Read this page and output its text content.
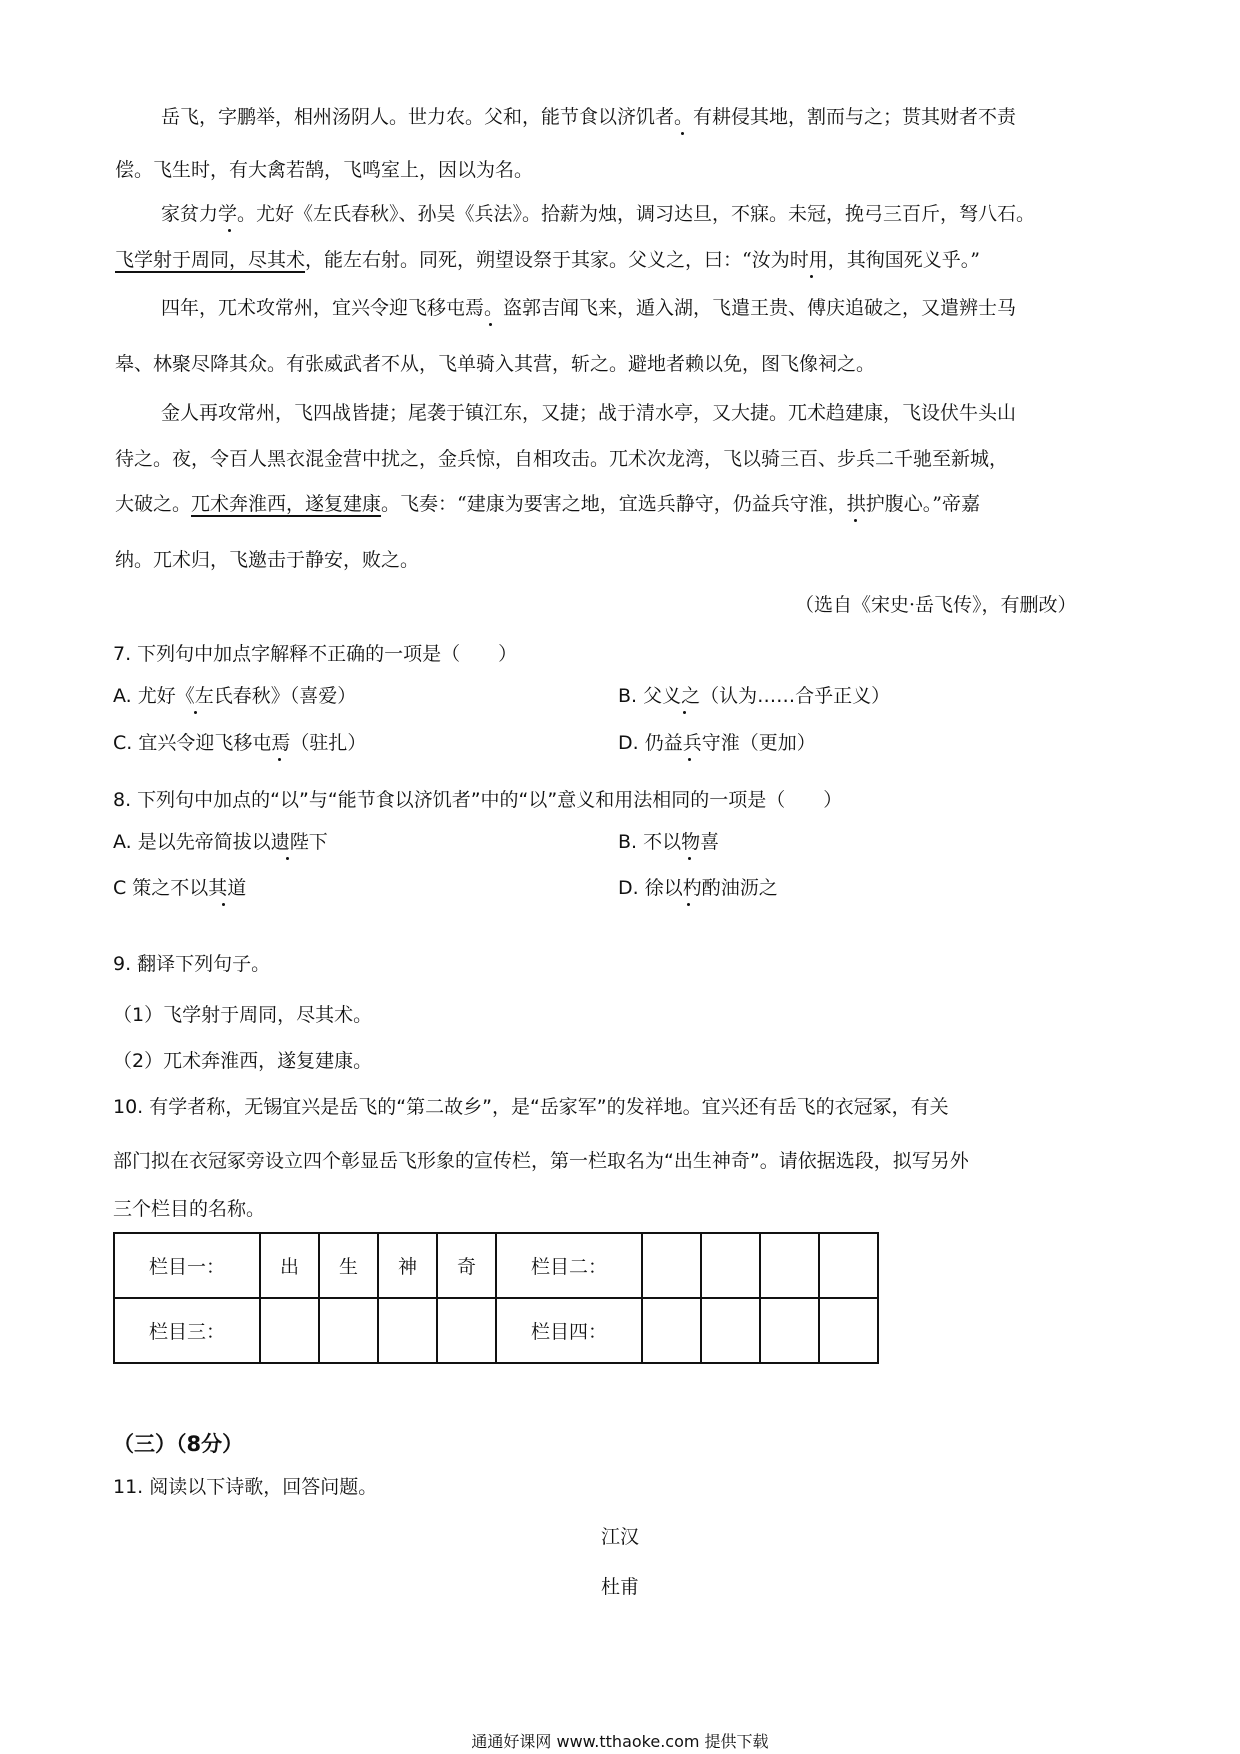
岳飞，字鹏举，相州汤阴人。世力农。父和，能节食以济饥者。有耕侵其地，割而与之；贳其财者不责
偿。飞生时，有大禽若鹄，飞鸣室上，因以为名。
家贫力学。尤好《左氏春秋》、孙吴《兵法》。拾薪为烛，调习达旦，不寐。未冠，挽弓三百斤，弩八石。
飞学射于周同，尽其术，能左右射。同死，朔望设祭于其家。父义之，曰：“汝为时用，其徇国死义乎。”
四年，兀术攻常州，宜兴令迎飞移屯焉。盗郭吉闻飞来，遁入湖，飞遣王贵、傅庆追破之，又遣辨士马
皋、林聚尽降其众。有张威武者不从，飞单骑入其营，斩之。避地者赖以免，图飞像祠之。
金人再攻常州，飞四战皆捷；尾袭于镇江东，又捷；战于清水亭，又大捷。兀术趋建康，飞设伏牛头山
待之。夜，令百人黑衣混金营中扰之，金兵惊，自相攻击。兀术次龙湾，飞以骑三百、步兵二千驰至新城，
大破之。兀术奔淮西，遂复建康。飞奏：“建康为要害之地，宜选兵静守，仍益兵守淮，拱护腹心。”帝嘉
纳。兀术归，飞邀击于静安，败之。
（选自《宋史·岳飞传》，有删改）
7. 下列句中加点字解释不正确的一项是（　　）
A. 尤好《左氏春秋》（喜爱）	B. 父义之（认为……合乎正义）
C. 宜兴令迎飞移屯焉（驻扎）	D. 仍益兵守淮（更加）
8. 下列句中加点的“以”与“能节食以济饥者”中的“以”意义和用法相同的一项是（　　）
A. 是以先帝简拔以遗陛下	B. 不以物喜
C 策之不以其道	D. 徐以杓酌油沥之
9. 翻译下列句子。
（1）飞学射于周同，尽其术。
（2）兀术奔淮西，遂复建康。
10. 有学者称，无锡宜兴是岳飞的“第二故乡”，是“岳家军”的发祥地。宜兴还有岳飞的衣冠冢，有关
部门拟在衣冠冢旁设立四个彰显岳飞形象的宣传栏，第一栏取名为“出生神奇”。请依据选段，拟写另外
三个栏目的名称。
栏目一：	出	生	神	奇	栏目二：				
栏目三：					栏目四：				
（三）（8分）
11. 阅读以下诗歌，回答问题。
江汉
杜甫
通通好课网 www.tthaoke.com 提供下载
